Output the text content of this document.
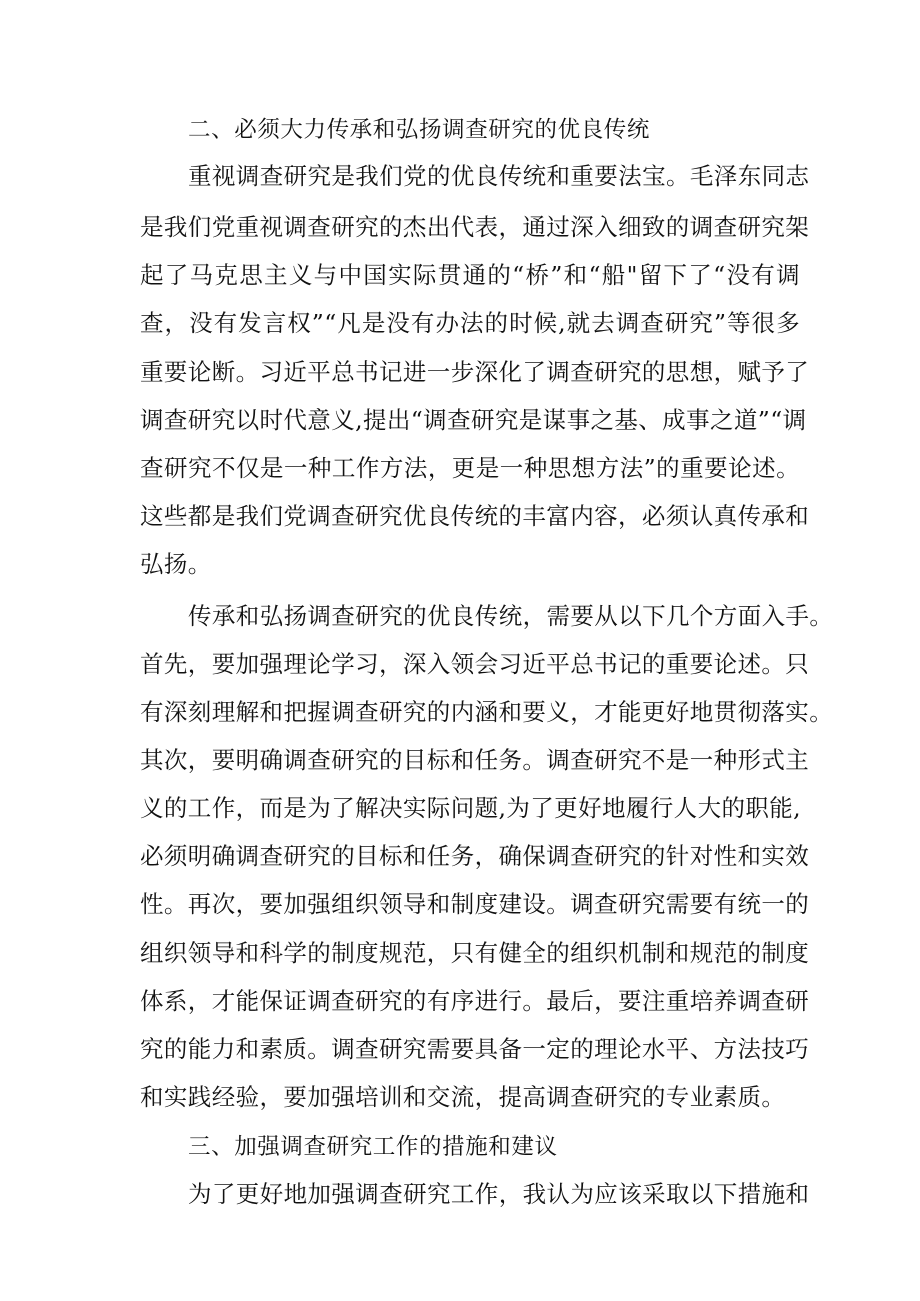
二、必须大力传承和弘扬调查研究的优良传统
重视调查研究是我们党的优良传统和重要法宝。毛泽东同志
是我们党重视调查研究的杰出代表，通过深入细致的调查研究架
起了马克思主义与中国实际贯通的“桥”和“船"留下了“没有调
查，没有发言权”“凡是没有办法的时候,就去调查研究”等很多
重要论断。习近平总书记进一步深化了调查研究的思想，赋予了
调查研究以时代意义,提出“调查研究是谋事之基、成事之道”“调
查研究不仅是一种工作方法，更是一种思想方法”的重要论述。
这些都是我们党调查研究优良传统的丰富内容，必须认真传承和
弘扬。
传承和弘扬调查研究的优良传统，需要从以下几个方面入手。
首先，要加强理论学习，深入领会习近平总书记的重要论述。只
有深刻理解和把握调查研究的内涵和要义，才能更好地贯彻落实。
其次，要明确调查研究的目标和任务。调查研究不是一种形式主
义的工作，而是为了解决实际问题,为了更好地履行人大的职能,
必须明确调查研究的目标和任务，确保调查研究的针对性和实效
性。再次，要加强组织领导和制度建设。调查研究需要有统一的
组织领导和科学的制度规范，只有健全的组织机制和规范的制度
体系，才能保证调查研究的有序进行。最后，要注重培养调查研
究的能力和素质。调查研究需要具备一定的理论水平、方法技巧
和实践经验，要加强培训和交流，提高调查研究的专业素质。
三、加强调查研究工作的措施和建议
为了更好地加强调查研究工作，我认为应该采取以下措施和
